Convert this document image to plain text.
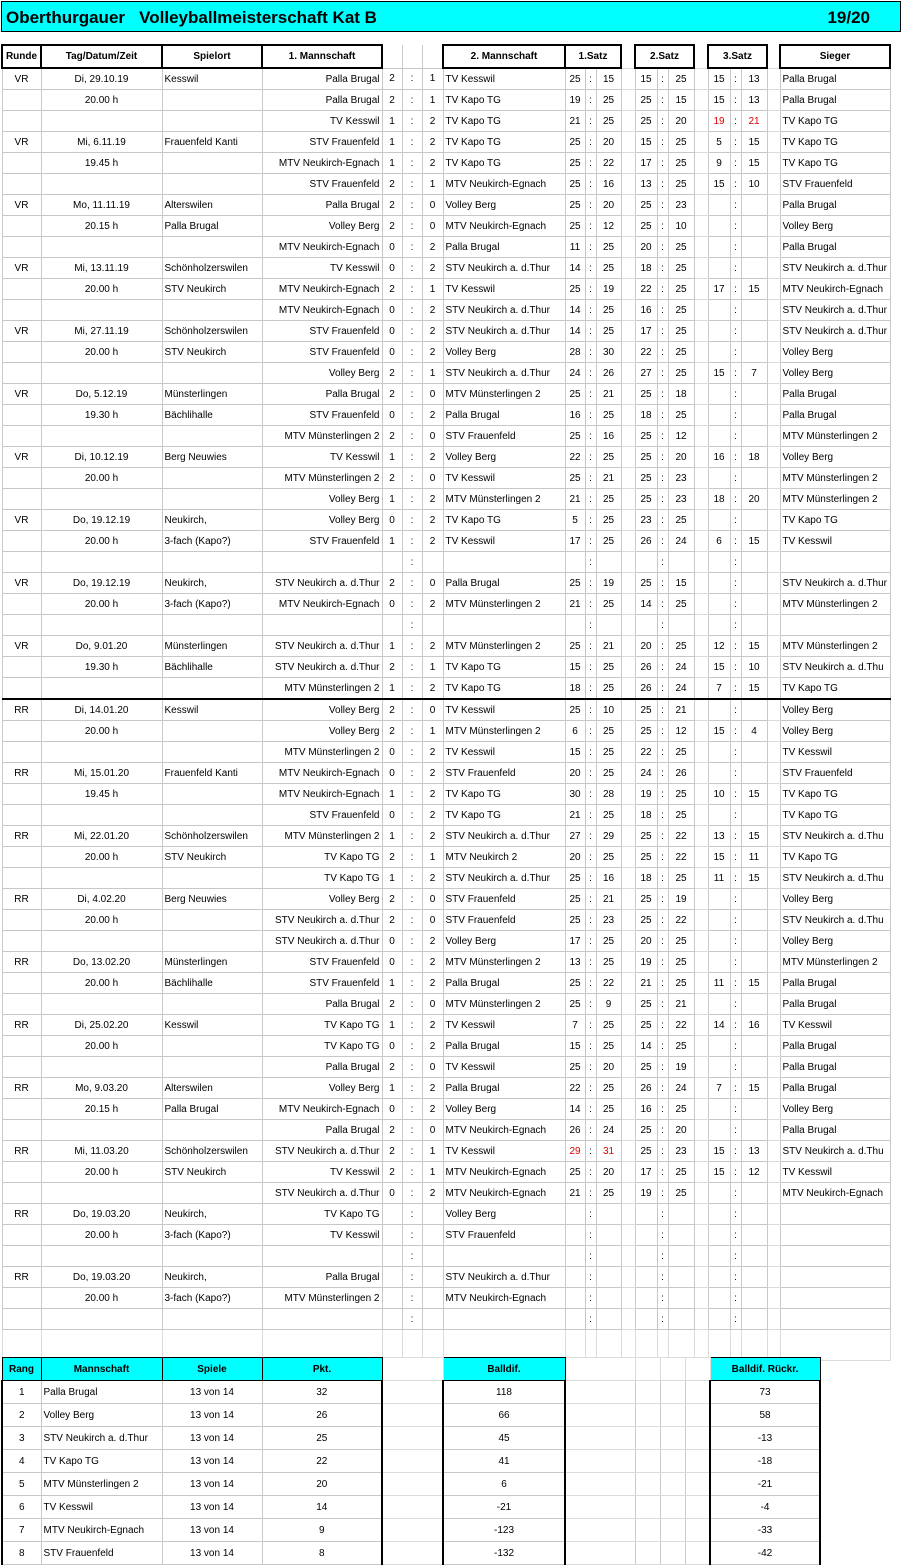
Oberthurgauer   Volleyballmeisterschaft Kat B	19/20
Runde	Tag/Datum/Zeit	Spielort	1. Mannschaft				2. Mannschaft	1.Satz				2.Satz				3.Satz				Sieger
VR	Di, 29.10.19	Kesswil	Palla Brugal	2	:	1	TV Kesswil	25	:	15		15	:	25		15	:	13		Palla Brugal
	20.00 h		Palla Brugal	2	:	1	TV Kapo TG	19	:	25		25	:	15		15	:	13		Palla Brugal
			TV Kesswil	1	:	2	TV Kapo TG	21	:	25		25	:	20		19	:	21		TV Kapo TG
VR	Mi, 6.11.19	Frauenfeld Kanti	STV Frauenfeld	1	:	2	TV Kapo TG	25	:	20		15	:	25		5	:	15		TV Kapo TG
	19.45 h		MTV Neukirch-Egnach	1	:	2	TV Kapo TG	25	:	22		17	:	25		9	:	15		TV Kapo TG
			STV Frauenfeld	2	:	1	MTV Neukirch-Egnach	25	:	16		13	:	25		15	:	10		STV Frauenfeld
VR	Mo, 11.11.19	Alterswilen	Palla Brugal	2	:	0	Volley Berg	25	:	20		25	:	23			:			Palla Brugal
	20.15 h	Palla Brugal	Volley Berg	2	:	0	MTV Neukirch-Egnach	25	:	12		25	:	10			:			Volley Berg
			MTV Neukirch-Egnach	0	:	2	Palla Brugal	11	:	25		20	:	25			:			Palla Brugal
VR	Mi, 13.11.19	Schönholzerswilen	TV Kesswil	0	:	2	STV Neukirch a. d.Thur	14	:	25		18	:	25			:			STV Neukirch a. d.Thur
	20.00 h	STV Neukirch	MTV Neukirch-Egnach	2	:	1	TV Kesswil	25	:	19		22	:	25		17	:	15		MTV Neukirch-Egnach
			MTV Neukirch-Egnach	0	:	2	STV Neukirch a. d.Thur	14	:	25		16	:	25			:			STV Neukirch a. d.Thur
VR	Mi, 27.11.19	Schönholzerswilen	STV Frauenfeld	0	:	2	STV Neukirch a. d.Thur	14	:	25		17	:	25			:			STV Neukirch a. d.Thur
	20.00 h	STV Neukirch	STV Frauenfeld	0	:	2	Volley Berg	28	:	30		22	:	25			:			Volley Berg
			Volley Berg	2	:	1	STV Neukirch a. d.Thur	24	:	26		27	:	25		15	:	7		Volley Berg
VR	Do, 5.12.19	Münsterlingen	Palla Brugal	2	:	0	MTV Münsterlingen 2	25	:	21		25	:	18			:			Palla Brugal
	19.30 h	Bächlihalle	STV Frauenfeld	0	:	2	Palla Brugal	16	:	25		18	:	25			:			Palla Brugal
			MTV Münsterlingen 2	2	:	0	STV Frauenfeld	25	:	16		25	:	12			:			MTV Münsterlingen 2
VR	Di, 10.12.19	Berg Neuwies	TV Kesswil	1	:	2	Volley Berg	22	:	25		25	:	20		16	:	18		Volley Berg
	20.00 h		MTV Münsterlingen 2	2	:	0	TV Kesswil	25	:	21		25	:	23			:			MTV Münsterlingen 2
			Volley Berg	1	:	2	MTV Münsterlingen 2	21	:	25		25	:	23		18	:	20		MTV Münsterlingen 2
VR	Do, 19.12.19	Neukirch,	Volley Berg	0	:	2	TV Kapo TG	5	:	25		23	:	25			:			TV Kapo TG
	20.00 h	3-fach (Kapo?)	STV Frauenfeld	1	:	2	TV Kesswil	17	:	25		26	:	24		6	:	15		TV Kesswil
					:				:				:				:			
VR	Do, 19.12.19	Neukirch,	STV Neukirch a. d.Thur	2	:	0	Palla Brugal	25	:	19		25	:	15			:			STV Neukirch a. d.Thur
	20.00 h	3-fach (Kapo?)	MTV Neukirch-Egnach	0	:	2	MTV Münsterlingen 2	21	:	25		14	:	25			:			MTV Münsterlingen 2
					:				:				:				:			
VR	Do, 9.01.20	Münsterlingen	STV Neukirch a. d.Thur	1	:	2	MTV Münsterlingen 2	25	:	21		20	:	25		12	:	15		MTV Münsterlingen 2
	19.30 h	Bächlihalle	STV Neukirch a. d.Thur	2	:	1	TV Kapo TG	15	:	25		26	:	24		15	:	10		STV Neukirch a. d.Thu
			MTV Münsterlingen 2	1	:	2	TV Kapo TG	18	:	25		26	:	24		7	:	15		TV Kapo TG
RR	Di, 14.01.20	Kesswil	Volley Berg	2	:	0	TV Kesswil	25	:	10		25	:	21			:			Volley Berg
	20.00 h		Volley Berg	2	:	1	MTV Münsterlingen 2	6	:	25		25	:	12		15	:	4		Volley Berg
			MTV Münsterlingen 2	0	:	2	TV Kesswil	15	:	25		22	:	25			:			TV Kesswil
RR	Mi, 15.01.20	Frauenfeld Kanti	MTV Neukirch-Egnach	0	:	2	STV Frauenfeld	20	:	25		24	:	26			:			STV Frauenfeld
	19.45 h		MTV Neukirch-Egnach	1	:	2	TV Kapo TG	30	:	28		19	:	25		10	:	15		TV Kapo TG
			STV Frauenfeld	0	:	2	TV Kapo TG	21	:	25		18	:	25			:			TV Kapo TG
RR	Mi, 22.01.20	Schönholzerswilen	MTV Münsterlingen 2	1	:	2	STV Neukirch a. d.Thur	27	:	29		25	:	22		13	:	15		STV Neukirch a. d.Thu
	20.00 h	STV Neukirch	TV Kapo TG	2	:	1	MTV Neukirch 2	20	:	25		25	:	22		15	:	11		TV Kapo TG
			TV Kapo TG	1	:	2	STV Neukirch a. d.Thur	25	:	16		18	:	25		11	:	15		STV Neukirch a. d.Thu
RR	Di, 4.02.20	Berg Neuwies	Volley Berg	2	:	0	STV Frauenfeld	25	:	21		25	:	19			:			Volley Berg
	20.00 h		STV Neukirch a. d.Thur	2	:	0	STV Frauenfeld	25	:	23		25	:	22			:			STV Neukirch a. d.Thu
			STV Neukirch a. d.Thur	0	:	2	Volley Berg	17	:	25		20	:	25			:			Volley Berg
RR	Do, 13.02.20	Münsterlingen	STV Frauenfeld	0	:	2	MTV Münsterlingen 2	13	:	25		19	:	25			:			MTV Münsterlingen 2
	20.00 h	Bächlihalle	STV Frauenfeld	1	:	2	Palla Brugal	25	:	22		21	:	25		11	:	15		Palla Brugal
			Palla Brugal	2	:	0	MTV Münsterlingen 2	25	:	9		25	:	21			:			Palla Brugal
RR	Di, 25.02.20	Kesswil	TV Kapo TG	1	:	2	TV Kesswil	7	:	25		25	:	22		14	:	16		TV Kesswil
	20.00 h		TV Kapo TG	0	:	2	Palla Brugal	15	:	25		14	:	25			:			Palla Brugal
			Palla Brugal	2	:	0	TV Kesswil	25	:	20		25	:	19			:			Palla Brugal
RR	Mo, 9.03.20	Alterswilen	Volley Berg	1	:	2	Palla Brugal	22	:	25		26	:	24		7	:	15		Palla Brugal
	20.15 h	Palla Brugal	MTV Neukirch-Egnach	0	:	2	Volley Berg	14	:	25		16	:	25			:			Volley Berg
			Palla Brugal	2	:	0	MTV Neukirch-Egnach	26	:	24		25	:	20			:			Palla Brugal
RR	Mi, 11.03.20	Schönholzerswilen	STV Neukirch a. d.Thur	2	:	1	TV Kesswil	29	:	31		25	:	23		15	:	13		STV Neukirch a. d.Thu
	20.00 h	STV Neukirch	TV Kesswil	2	:	1	MTV Neukirch-Egnach	25	:	20		17	:	25		15	:	12		TV Kesswil
			STV Neukirch a. d.Thur	0	:	2	MTV Neukirch-Egnach	21	:	25		19	:	25			:			MTV Neukirch-Egnach
RR	Do, 19.03.20	Neukirch,	TV Kapo TG		:		Volley Berg		:				:				:			
	20.00 h	3-fach (Kapo?)	TV Kesswil		:		STV Frauenfeld		:				:				:			
					:				:				:				:			
RR	Do, 19.03.20	Neukirch,	Palla Brugal		:		STV Neukirch a. d.Thur		:				:				:			
	20.00 h	3-fach (Kapo?)	MTV Münsterlingen 2		:		MTV Neukirch-Egnach		:				:				:			
					:				:				:				:			

Rang	Mannschaft	Spiele	Pkt.		Balldif.					Balldif. Rückr.
1	Palla Brugal	13 von 14	32		118					73
2	Volley Berg	13 von 14	26		66					58
3	STV Neukirch a. d.Thur	13 von 14	25		45					-13
4	TV Kapo TG	13 von 14	22		41					-18
5	MTV Münsterlingen 2	13 von 14	20		6					-21
6	TV Kesswil	13 von 14	14		-21					-4
7	MTV Neukirch-Egnach	13 von 14	9		-123					-33
8	STV Frauenfeld	13 von 14	8		-132					-42
